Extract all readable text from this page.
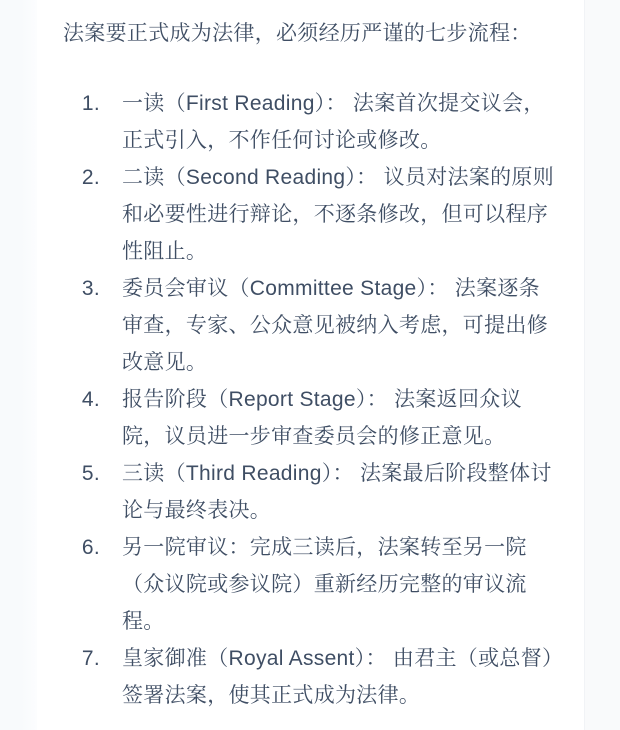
法案要正式成为法律，必须经历严谨的七步流程：

1.	一读（First Reading）： 法案首次提交议会，正式引入，不作任何讨论或修改。
2.	二读（Second Reading）： 议员对法案的原则和必要性进行辩论，不逐条修改，但可以程序性阻止。
3.	委员会审议（Committee Stage）： 法案逐条审查，专家、公众意见被纳入考虑，可提出修改意见。
4.	报告阶段（Report Stage）： 法案返回众议院，议员进一步审查委员会的修正意见。
5.	三读（Third Reading）： 法案最后阶段整体讨论与最终表决。
6.	另一院审议：完成三读后，法案转至另一院（众议院或参议院）重新经历完整的审议流程。
7.	皇家御准（Royal Assent）： 由君主（或总督）签署法案，使其正式成为法律。
